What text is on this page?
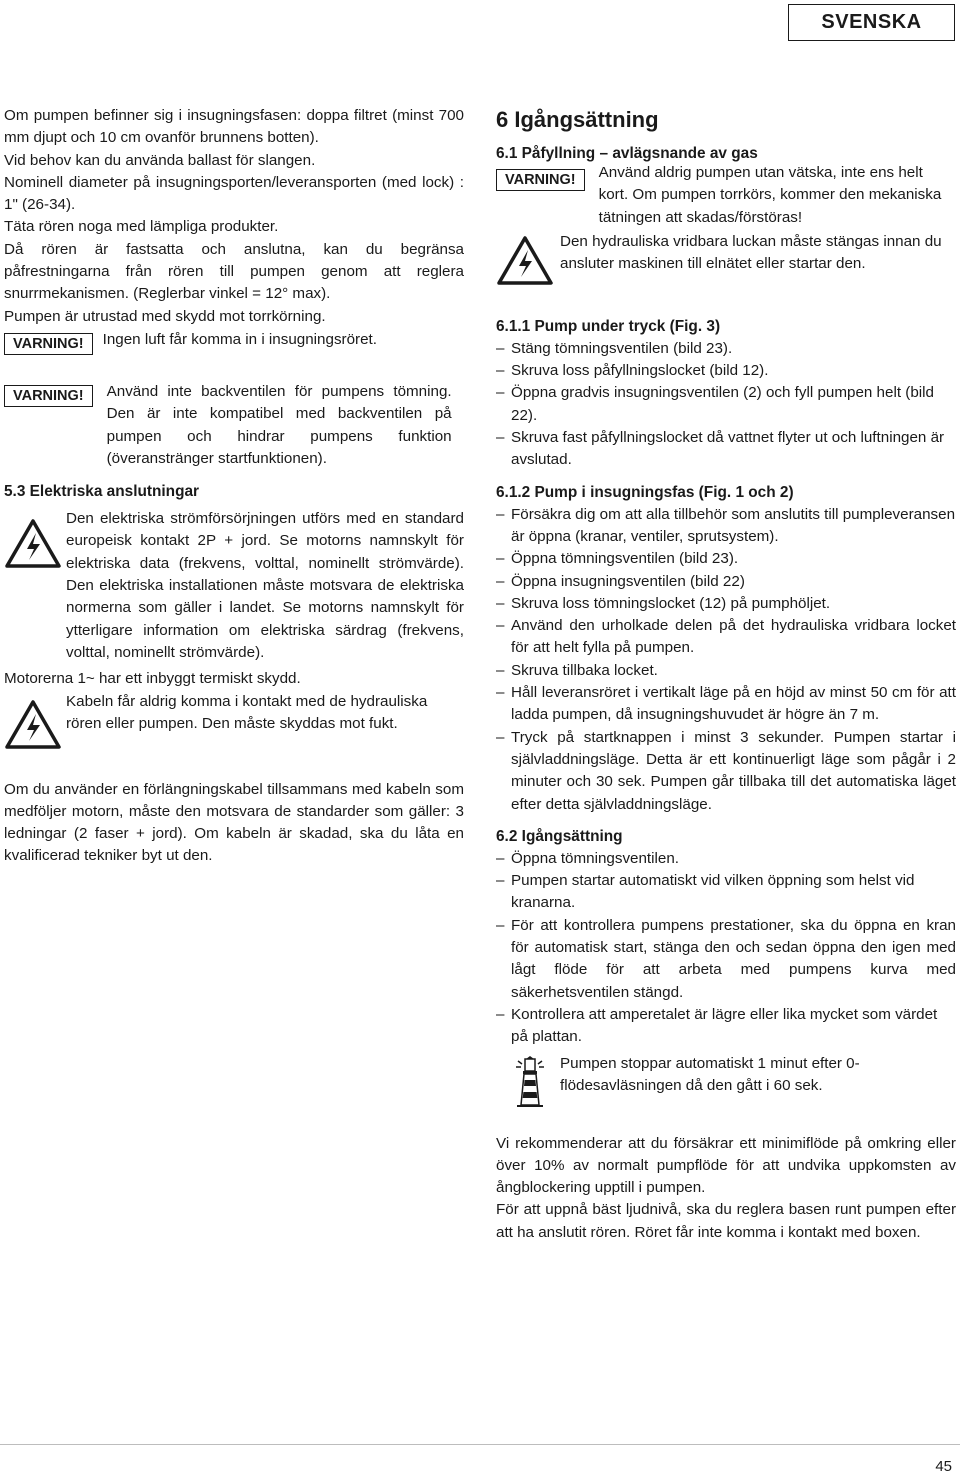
SVENSKA

Om pumpen befinner sig i insugningsfasen: doppa filtret (minst 700 mm djupt och 10 cm ovanför brunnens botten).

Vid behov kan du använda ballast för slangen.

Nominell diameter på insugningsporten/leveransporten (med lock) : 1" (26-34).

Täta rören noga med lämpliga produkter.

Då rören är fastsatta och anslutna, kan du begränsa påfrestningarna från rören till pumpen genom att reglera snurrmekanismen. (Reglerbar vinkel = 12° max).

Pumpen är utrustad med skydd mot torrkörning.

VARNING!	Ingen luft får komma in i insugningsröret.

VARNING!	Använd inte backventilen för pumpens tömning. Den är inte kompatibel med backventilen på pumpen och hindrar pumpens funktion (överanstränger startfunktionen).

5.3 Elektriska anslutningar

Den elektriska strömförsörjningen utförs med en standard europeisk kontakt 2P + jord. Se motorns namnskylt för elektriska data (frekvens, volttal, nominellt strömvärde). Den elektriska installationen måste motsvara de elektriska normerna som gäller i landet. Se motorns namnskylt för ytterligare information om elektriska särdrag (frekvens, volttal, nominellt strömvärde).

Motorerna 1~ har ett inbyggt termiskt skydd.

Kabeln får aldrig komma i kontakt med de hydrauliska rören eller pumpen. Den måste skyddas mot fukt.

Om du använder en förlängningskabel tillsammans med kabeln som medföljer motorn, måste den motsvara de standarder som gäller: 3 ledningar (2 faser + jord). Om kabeln är skadad, ska du låta en kvalificerad tekniker byt ut den.

6 Igångsättning

6.1 Påfyllning – avlägsnande av gas

VARNING!	Använd aldrig pumpen utan vätska, inte ens helt kort. Om pumpen torrkörs, kommer den mekaniska tätningen att skadas/förstöras!

Den hydrauliska vridbara luckan måste stängas innan du ansluter maskinen till elnätet eller startar den.

6.1.1 Pump under tryck (Fig. 3)

– Stäng tömningsventilen (bild 23).
– Skruva loss påfyllningslocket (bild 12).
– Öppna gradvis insugningsventilen (2) och fyll pumpen helt (bild 22).
– Skruva fast påfyllningslocket då vattnet flyter ut och luftningen är avslutad.

6.1.2 Pump i insugningsfas (Fig. 1 och 2)

– Försäkra dig om att alla tillbehör som anslutits till pumpleveransen är öppna (kranar, ventiler, sprutsystem).
– Öppna tömningsventilen (bild 23).
– Öppna insugningsventilen (bild 22)
– Skruva loss tömningslocket (12) på pumphöljet.
– Använd den urholkade delen på det hydrauliska vridbara locket för att helt fylla på pumpen.
– Skruva tillbaka locket.
– Håll leveransröret i vertikalt läge på en höjd av minst 50 cm för att ladda pumpen, då insugningshuvudet är högre än 7 m.
– Tryck på startknappen i minst 3 sekunder. Pumpen startar i självladdningsläge. Detta är ett kontinuerligt läge som pågår i 2 minuter och 30 sek. Pumpen går tillbaka till det automatiska läget efter detta självladdningsläge.

6.2 Igångsättning

– Öppna tömningsventilen.
– Pumpen startar automatiskt vid vilken öppning som helst vid kranarna.
– För att kontrollera pumpens prestationer, ska du öppna en kran för automatisk start, stänga den och sedan öppna den igen med lågt flöde för att arbeta med pumpens kurva med säkerhetsventilen stängd.
– Kontrollera att amperetalet är lägre eller lika mycket som värdet på plattan.

Pumpen stoppar automatiskt 1 minut efter 0-flödesavläsningen då den gått i 60 sek.

Vi rekommenderar att du försäkrar ett minimiflöde på omkring eller över 10% av normalt pumpflöde för att undvika uppkomsten av ångblockering upptill i pumpen.

För att uppnå bäst ljudnivå, ska du reglera basen runt pumpen efter att ha anslutit rören. Röret får inte komma i kontakt med boxen.

45
